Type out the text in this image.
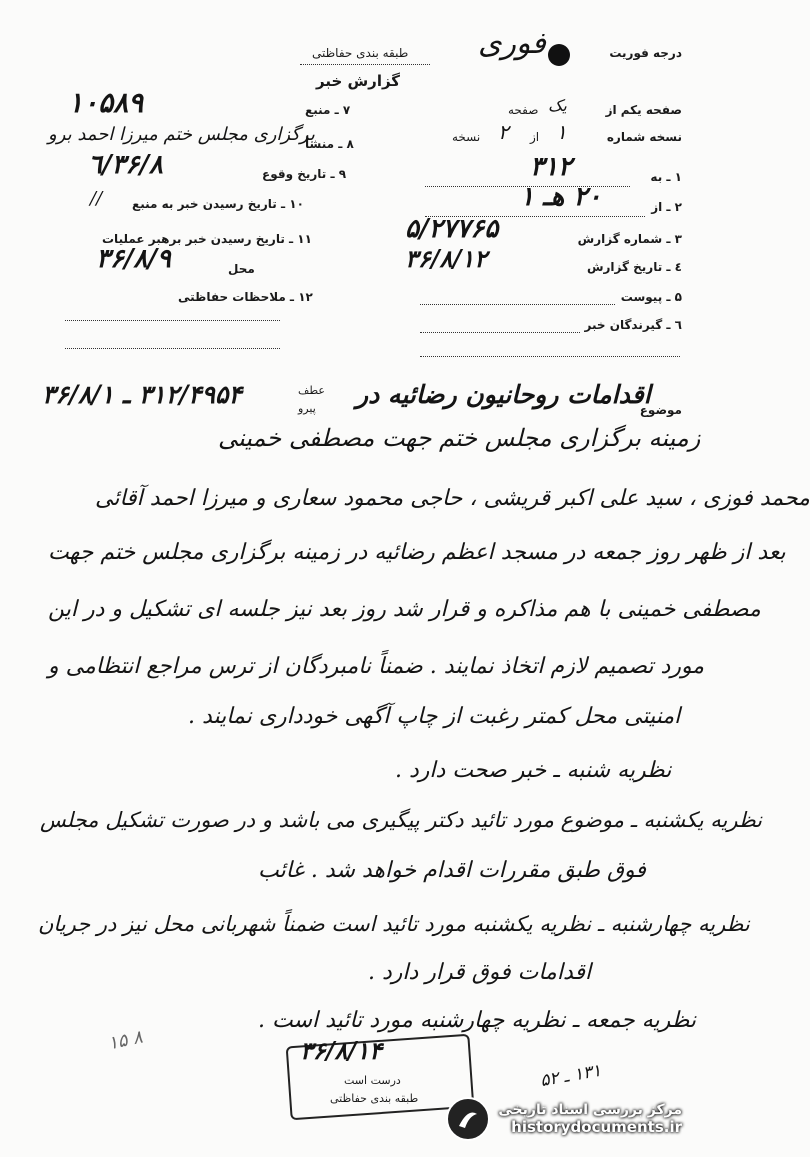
درجه فوریت
فوری
طبقه بندی حفاظتی
گزارش خبر
صفحه یکم از
یک
صفحه
نسخه شماره
۱
از
۲
نسخه
۱ ـ به
۳۱۲
۲ ـ از
۲۰ هـ ۱
۳ ـ شماره گزارش
۵/۲۷۷۶۵
٤ ـ تاریخ گزارش
۳۶/۸/۱۲
۵ ـ پیوست
٦ ـ گیرندگان خبر
۷ ـ منبع
۱۰۵۸۹
۸ ـ منشأ
برگزاری مجلس ختم میرزا احمد برو
۹ ـ تاریخ وقوع
۳۶/۸/٦
۱۰ ـ تاریخ رسیدن خبر به منبع
//
۱۱ ـ تاریخ رسیدن خبر برهبر عملیات
محل
۳۶/۸/۹
۱۲ ـ ملاحظات حفاظتی
موضوع
اقدامات روحانیون رضائیه در
عطف
پیرو
۳۱۲/۴۹۵۴ ـ ۳۶/۸/۱
زمینه برگزاری مجلس ختم جهت مصطفی خمینی
محمد فوزی ، سید علی اکبر قریشی ، حاجی محمود سعاری و میرزا احمد آقائی
بعد از ظهر روز جمعه در مسجد اعظم رضائیه در زمینه برگزاری مجلس ختم جهت
مصطفی خمینی با هم مذاکره و قرار شد روز بعد نیز جلسه ای تشکیل و در این
مورد تصمیم لازم اتخاذ نمایند . ضمناً نامبردگان از ترس مراجع انتظامی و
امنیتی محل کمتر رغبت از چاپ آگهی خودداری نمایند .
نظریه شنبه ـ خبر صحت دارد .
نظریه یکشنبه ـ موضوع مورد تائید دکتر پیگیری می باشد و در صورت تشکیل مجلس
فوق طبق مقررات اقدام خواهد شد . غائب
نظریه چهارشنبه ـ نظریه یکشنبه مورد تائید است ضمناً شهربانی محل نیز در جریان
اقدامات فوق قرار دارد .
نظریه جمعه ـ نظریه چهارشنبه مورد تائید است .
۸ ۱۵	۳۶/۸/۱۴
درست است
طبقه بندی حفاظتی
۱۳۱ ـ ۵۲
مرکز بررسی اسناد تاریخی
historydocuments.ir
